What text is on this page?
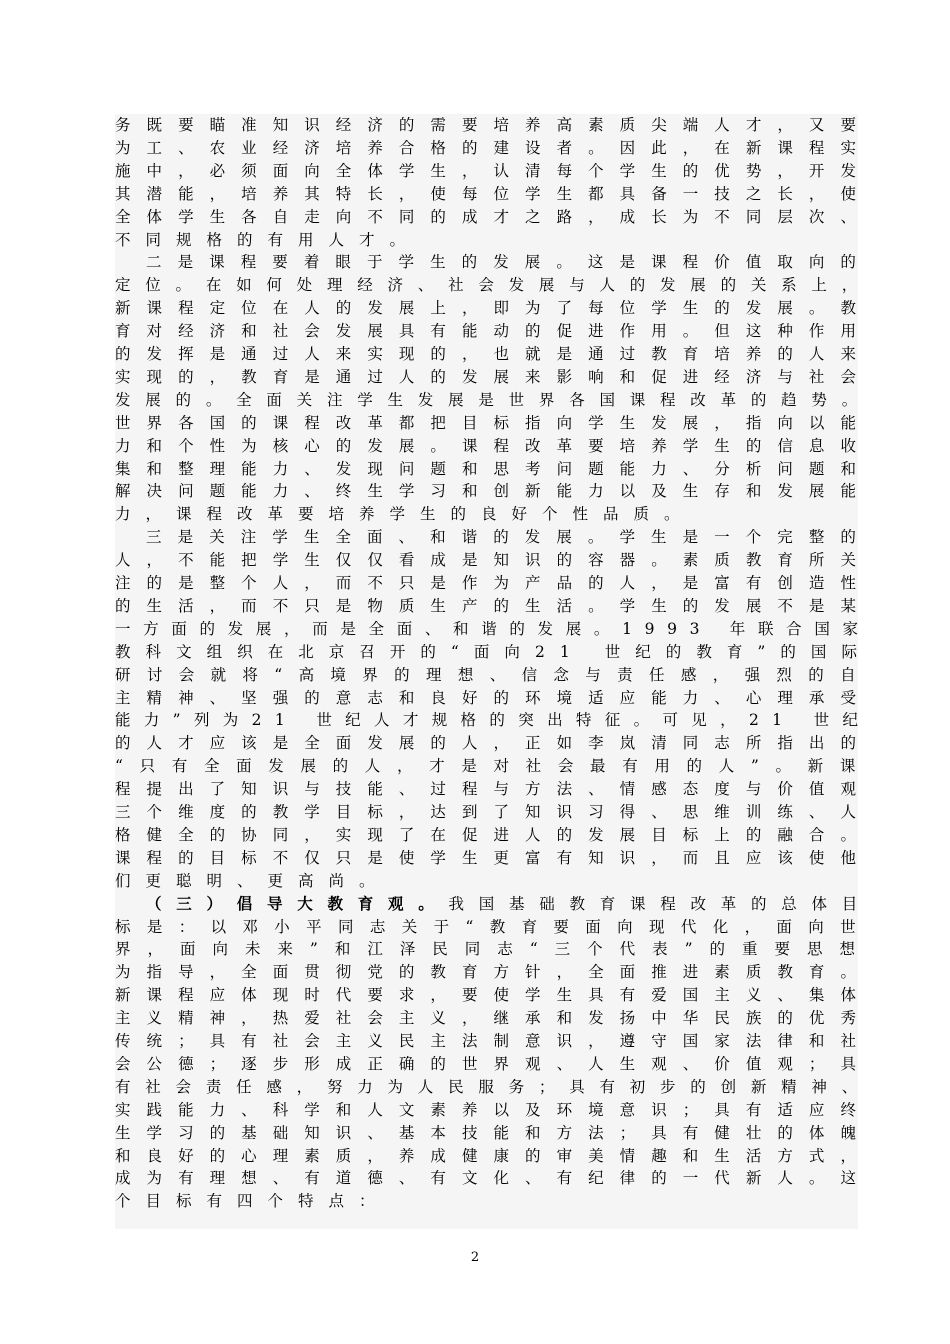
务既要瞄准知识经济的需要培养高素质尖端人才，又要
为工、农业经济培养合格的建设者。因此，在新课程实
施中，必须面向全体学生，认清每个学生的优势，开发
其潜能，培养其特长，使每位学生都具备一技之长，使
全体学生各自走向不同的成才之路，成长为不同层次、
不同规格的有用人才。
二是课程要着眼于学生的发展。这是课程价值取向的
定位。在如何处理经济、社会发展与人的发展的关系上，
新课程定位在人的发展上，即为了每位学生的发展。教
育对经济和社会发展具有能动的促进作用。但这种作用
的发挥是通过人来实现的，也就是通过教育培养的人来
实现的，教育是通过人的发展来影响和促进经济与社会
发展的。全面关注学生发展是世界各国课程改革的趋势。
世界各国的课程改革都把目标指向学生发展，指向以能
力和个性为核心的发展。课程改革要培养学生的信息收
集和整理能力、发现问题和思考问题能力、分析问题和
解决问题能力、终生学习和创新能力以及生存和发展能
力，课程改革要培养学生的良好个性品质。
三是关注学生全面、和谐的发展。学生是一个完整的
人，不能把学生仅仅看成是知识的容器。素质教育所关
注的是整个人，而不只是作为产品的人，是富有创造性
的生活，而不只是物质生产的生活。学生的发展不是某
一方面的发展，而是全面、和谐的发展。1993 年联合国家
教科文组织在北京召开的“面向21 世纪的教育”的国际
研讨会就将“高境界的理想、信念与责任感，强烈的自
主精神、坚强的意志和良好的环境适应能力、心理承受
能力”列为21 世纪人才规格的突出特征。可见，21 世纪
的人才应该是全面发展的人，正如李岚清同志所指出的
“只有全面发展的人，才是对社会最有用的人”。新课
程提出了知识与技能、过程与方法、情感态度与价值观
三个维度的教学目标，达到了知识习得、思维训练、人
格健全的协同，实现了在促进人的发展目标上的融合。
课程的目标不仅只是使学生更富有知识，而且应该使他
们更聪明、更高尚。
（三）倡导大教育观。我国基础教育课程改革的总体目
标是：以邓小平同志关于“教育要面向现代化，面向世
界，面向未来”和江泽民同志“三个代表”的重要思想
为指导，全面贯彻党的教育方针，全面推进素质教育。
新课程应体现时代要求，要使学生具有爱国主义、集体
主义精神，热爱社会主义，继承和发扬中华民族的优秀
传统；具有社会主义民主法制意识，遵守国家法律和社
会公德；逐步形成正确的世界观、人生观、价值观；具
有社会责任感，努力为人民服务；具有初步的创新精神、
实践能力、科学和人文素养以及环境意识；具有适应终
生学习的基础知识、基本技能和方法；具有健壮的体魄
和良好的心理素质，养成健康的审美情趣和生活方式，
成为有理想、有道德、有文化、有纪律的一代新人。这
个目标有四个特点：
2
